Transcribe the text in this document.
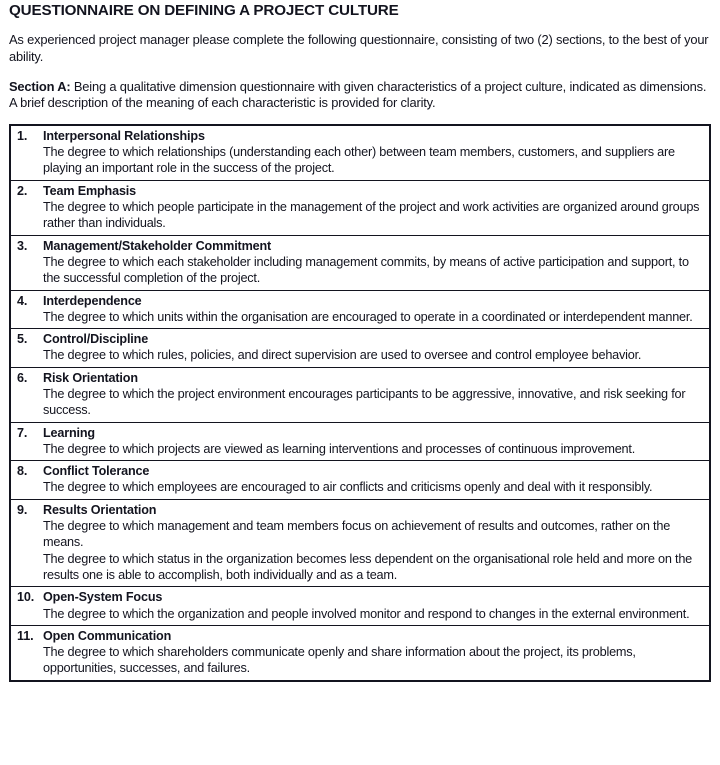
QUESTIONNAIRE ON DEFINING A PROJECT CULTURE

As experienced project manager please complete the following questionnaire, consisting of two (2) sections, to the best of your ability.

Section A: Being a qualitative dimension questionnaire with given characteristics of a project culture, indicated as dimensions. A brief description of the meaning of each characteristic is provided for clarity.

1.	Interpersonal Relationships
The degree to which relationships (understanding each other) between team members, customers, and suppliers are playing an important role in the success of the project.
2.	Team Emphasis
The degree to which people participate in the management of the project and work activities are organized around groups rather than individuals.
3.	Management/Stakeholder Commitment
The degree to which each stakeholder including management commits, by means of active participation and support, to the successful completion of the project.
4.	Interdependence
The degree to which units within the organisation are encouraged to operate in a coordinated or interdependent manner.
5.	Control/Discipline
The degree to which rules, policies, and direct supervision are used to oversee and control employee behavior.
6.	Risk Orientation
The degree to which the project environment encourages participants to be aggressive, innovative, and risk seeking for success.
7.	Learning
The degree to which projects are viewed as learning interventions and processes of continuous improvement.
8.	Conflict Tolerance
The degree to which employees are encouraged to air conflicts and criticisms openly and deal with it responsibly.
9.	Results Orientation
The degree to which management and team members focus on achievement of results and outcomes, rather on the means.
The degree to which status in the organization becomes less dependent on the organisational role held and more on the results one is able to accomplish, both individually and as a team.
10. Open-System Focus
The degree to which the organization and people involved monitor and respond to changes in the external environment.
11. Open Communication
The degree to which shareholders communicate openly and share information about the project, its problems, opportunities, successes, and failures.
